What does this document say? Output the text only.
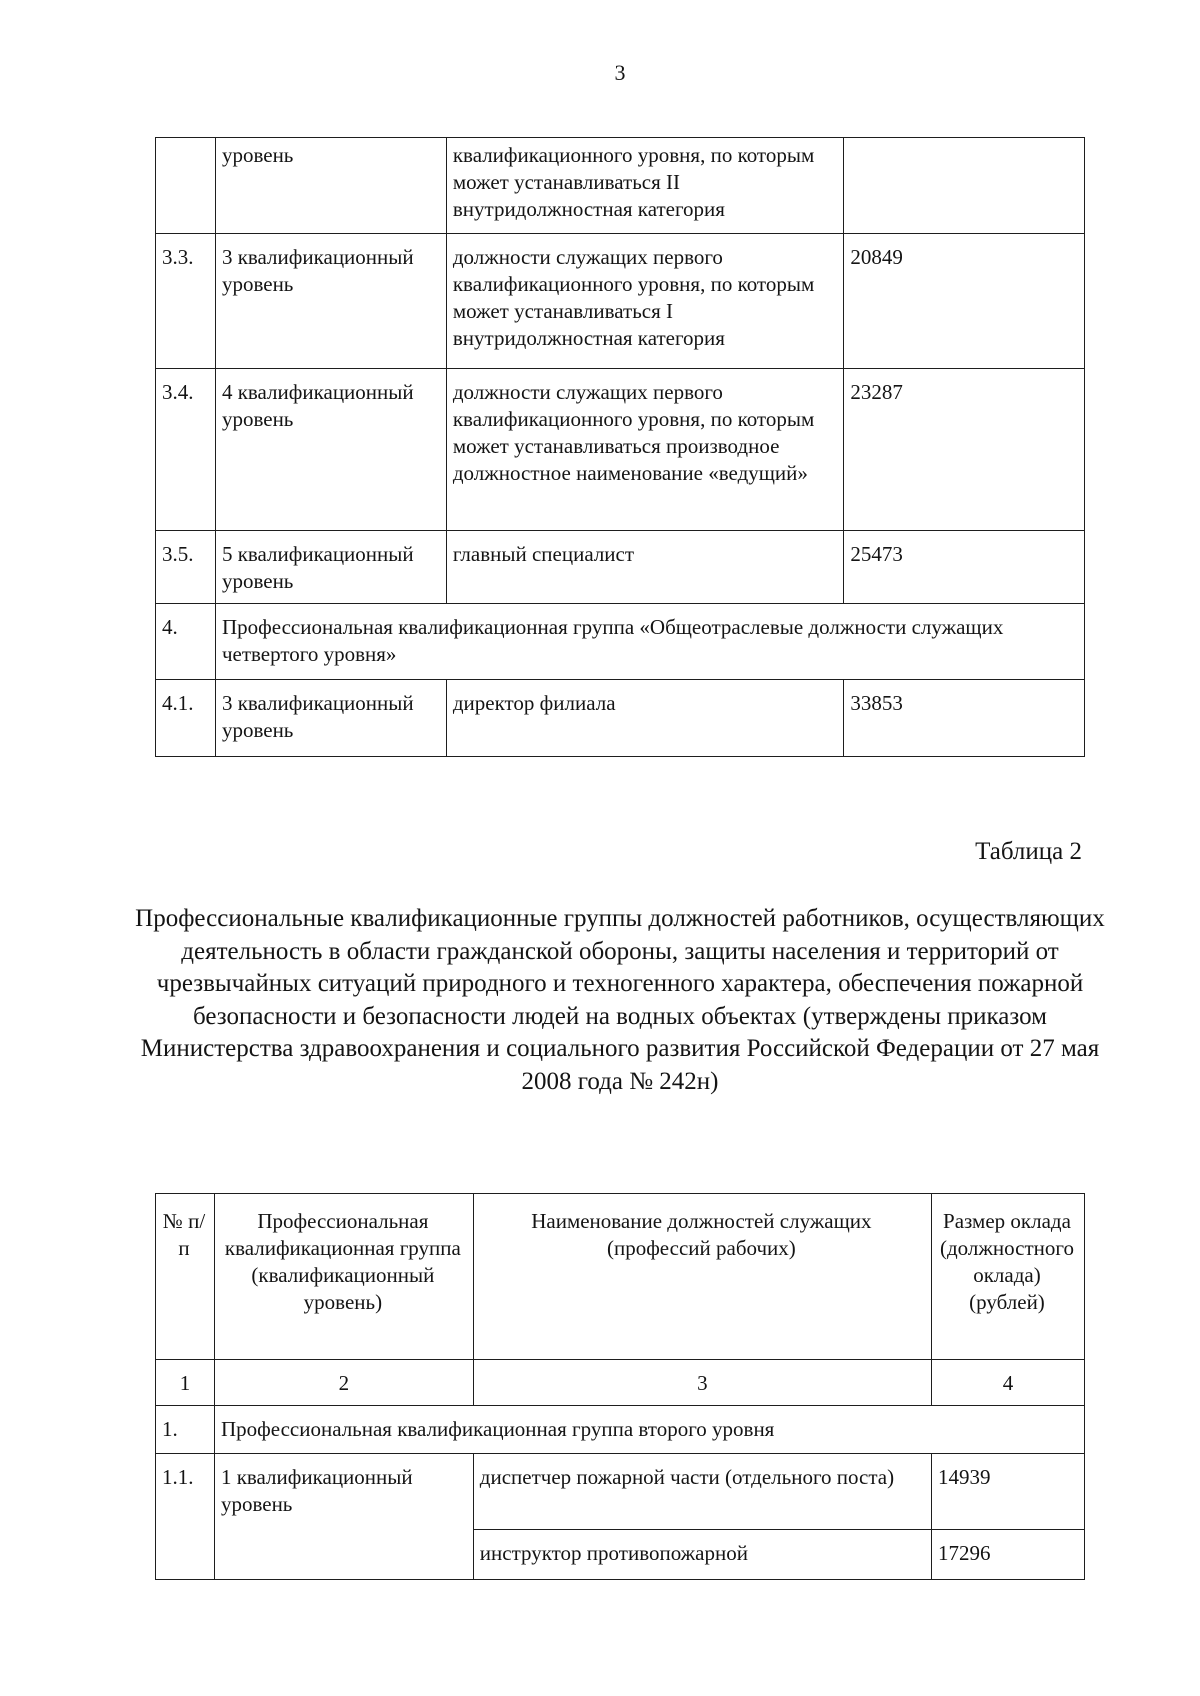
3
	уровень	квалификационного уровня, по которым может устанавливаться II внутридолжностная категория	
3.3.	3 квалификационный уровень	должности служащих первого квалификационного уровня, по которым может устанавливаться I внутридолжностная категория	20849
3.4.	4 квалификационный уровень	должности служащих первого квалификационного уровня, по которым может устанавливаться производное должностное наименование «ведущий»	23287
3.5.	5 квалификационный уровень	главный специалист	25473
4.	Профессиональная квалификационная группа «Общеотраслевые должности служащих четвертого уровня»		
4.1.	3 квалификационный уровень	директор филиала	33853
Таблица 2
Профессиональные квалификационные группы должностей работников, осуществляющих деятельность в области гражданской обороны, защиты населения и территорий от чрезвычайных ситуаций природного и техногенного характера, обеспечения пожарной безопасности и безопасности людей на водных объектах (утверждены приказом Министерства здравоохранения и социального развития Российской Федерации от 27 мая 2008 года № 242н)
№ п/п	Профессиональная квалификационная группа (квалификационный уровень)	Наименование должностей служащих (профессий рабочих)	Размер оклада (должностного оклада) (рублей)
1	2	3	4
1.	Профессиональная квалификационная группа второго уровня		
1.1.	1 квалификационный уровень	диспетчер пожарной части (отдельного поста)	14939
		инструктор противопожарной	17296
